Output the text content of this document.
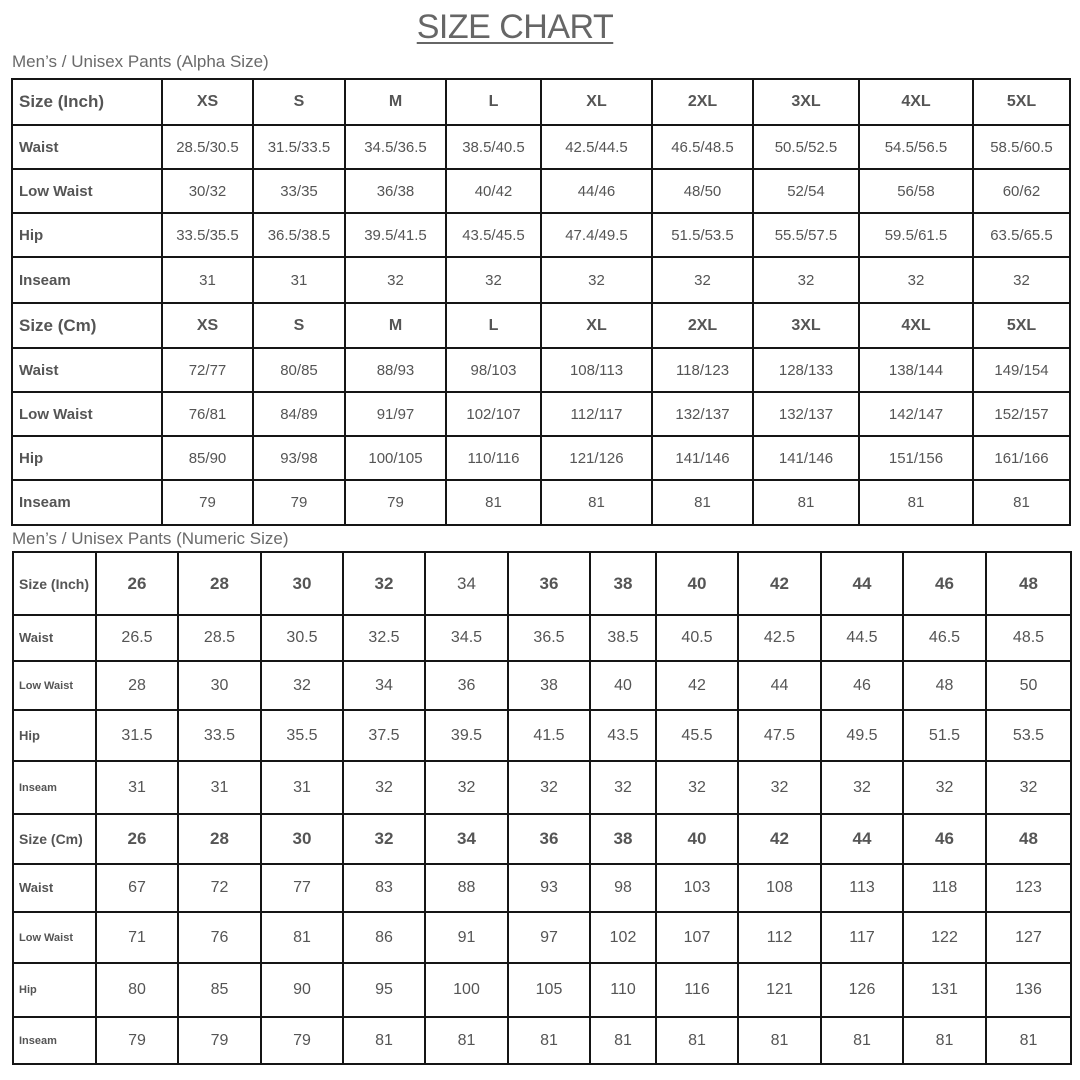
SIZE CHART
Men’s / Unisex Pants (Alpha Size)
Size (Inch)	XS	S	M	L	XL	2XL	3XL	4XL	5XL
Waist	28.5/30.5	31.5/33.5	34.5/36.5	38.5/40.5	42.5/44.5	46.5/48.5	50.5/52.5	54.5/56.5	58.5/60.5
Low Waist	30/32	33/35	36/38	40/42	44/46	48/50	52/54	56/58	60/62
Hip	33.5/35.5	36.5/38.5	39.5/41.5	43.5/45.5	47.4/49.5	51.5/53.5	55.5/57.5	59.5/61.5	63.5/65.5
Inseam	31	31	32	32	32	32	32	32	32
Size (Cm)	XS	S	M	L	XL	2XL	3XL	4XL	5XL
Waist	72/77	80/85	88/93	98/103	108/113	118/123	128/133	138/144	149/154
Low Waist	76/81	84/89	91/97	102/107	112/117	132/137	132/137	142/147	152/157
Hip	85/90	93/98	100/105	110/116	121/126	141/146	141/146	151/156	161/166
Inseam	79	79	79	81	81	81	81	81	81
Men’s / Unisex Pants (Numeric Size)
Size (Inch)	26	28	30	32	34	36	38	40	42	44	46	48
Waist	26.5	28.5	30.5	32.5	34.5	36.5	38.5	40.5	42.5	44.5	46.5	48.5
Low Waist	28	30	32	34	36	38	40	42	44	46	48	50
Hip	31.5	33.5	35.5	37.5	39.5	41.5	43.5	45.5	47.5	49.5	51.5	53.5
Inseam	31	31	31	32	32	32	32	32	32	32	32	32
Size (Cm)	26	28	30	32	34	36	38	40	42	44	46	48
Waist	67	72	77	83	88	93	98	103	108	113	118	123
Low Waist	71	76	81	86	91	97	102	107	112	117	122	127
Hip	80	85	90	95	100	105	110	116	121	126	131	136
Inseam	79	79	79	81	81	81	81	81	81	81	81	81
